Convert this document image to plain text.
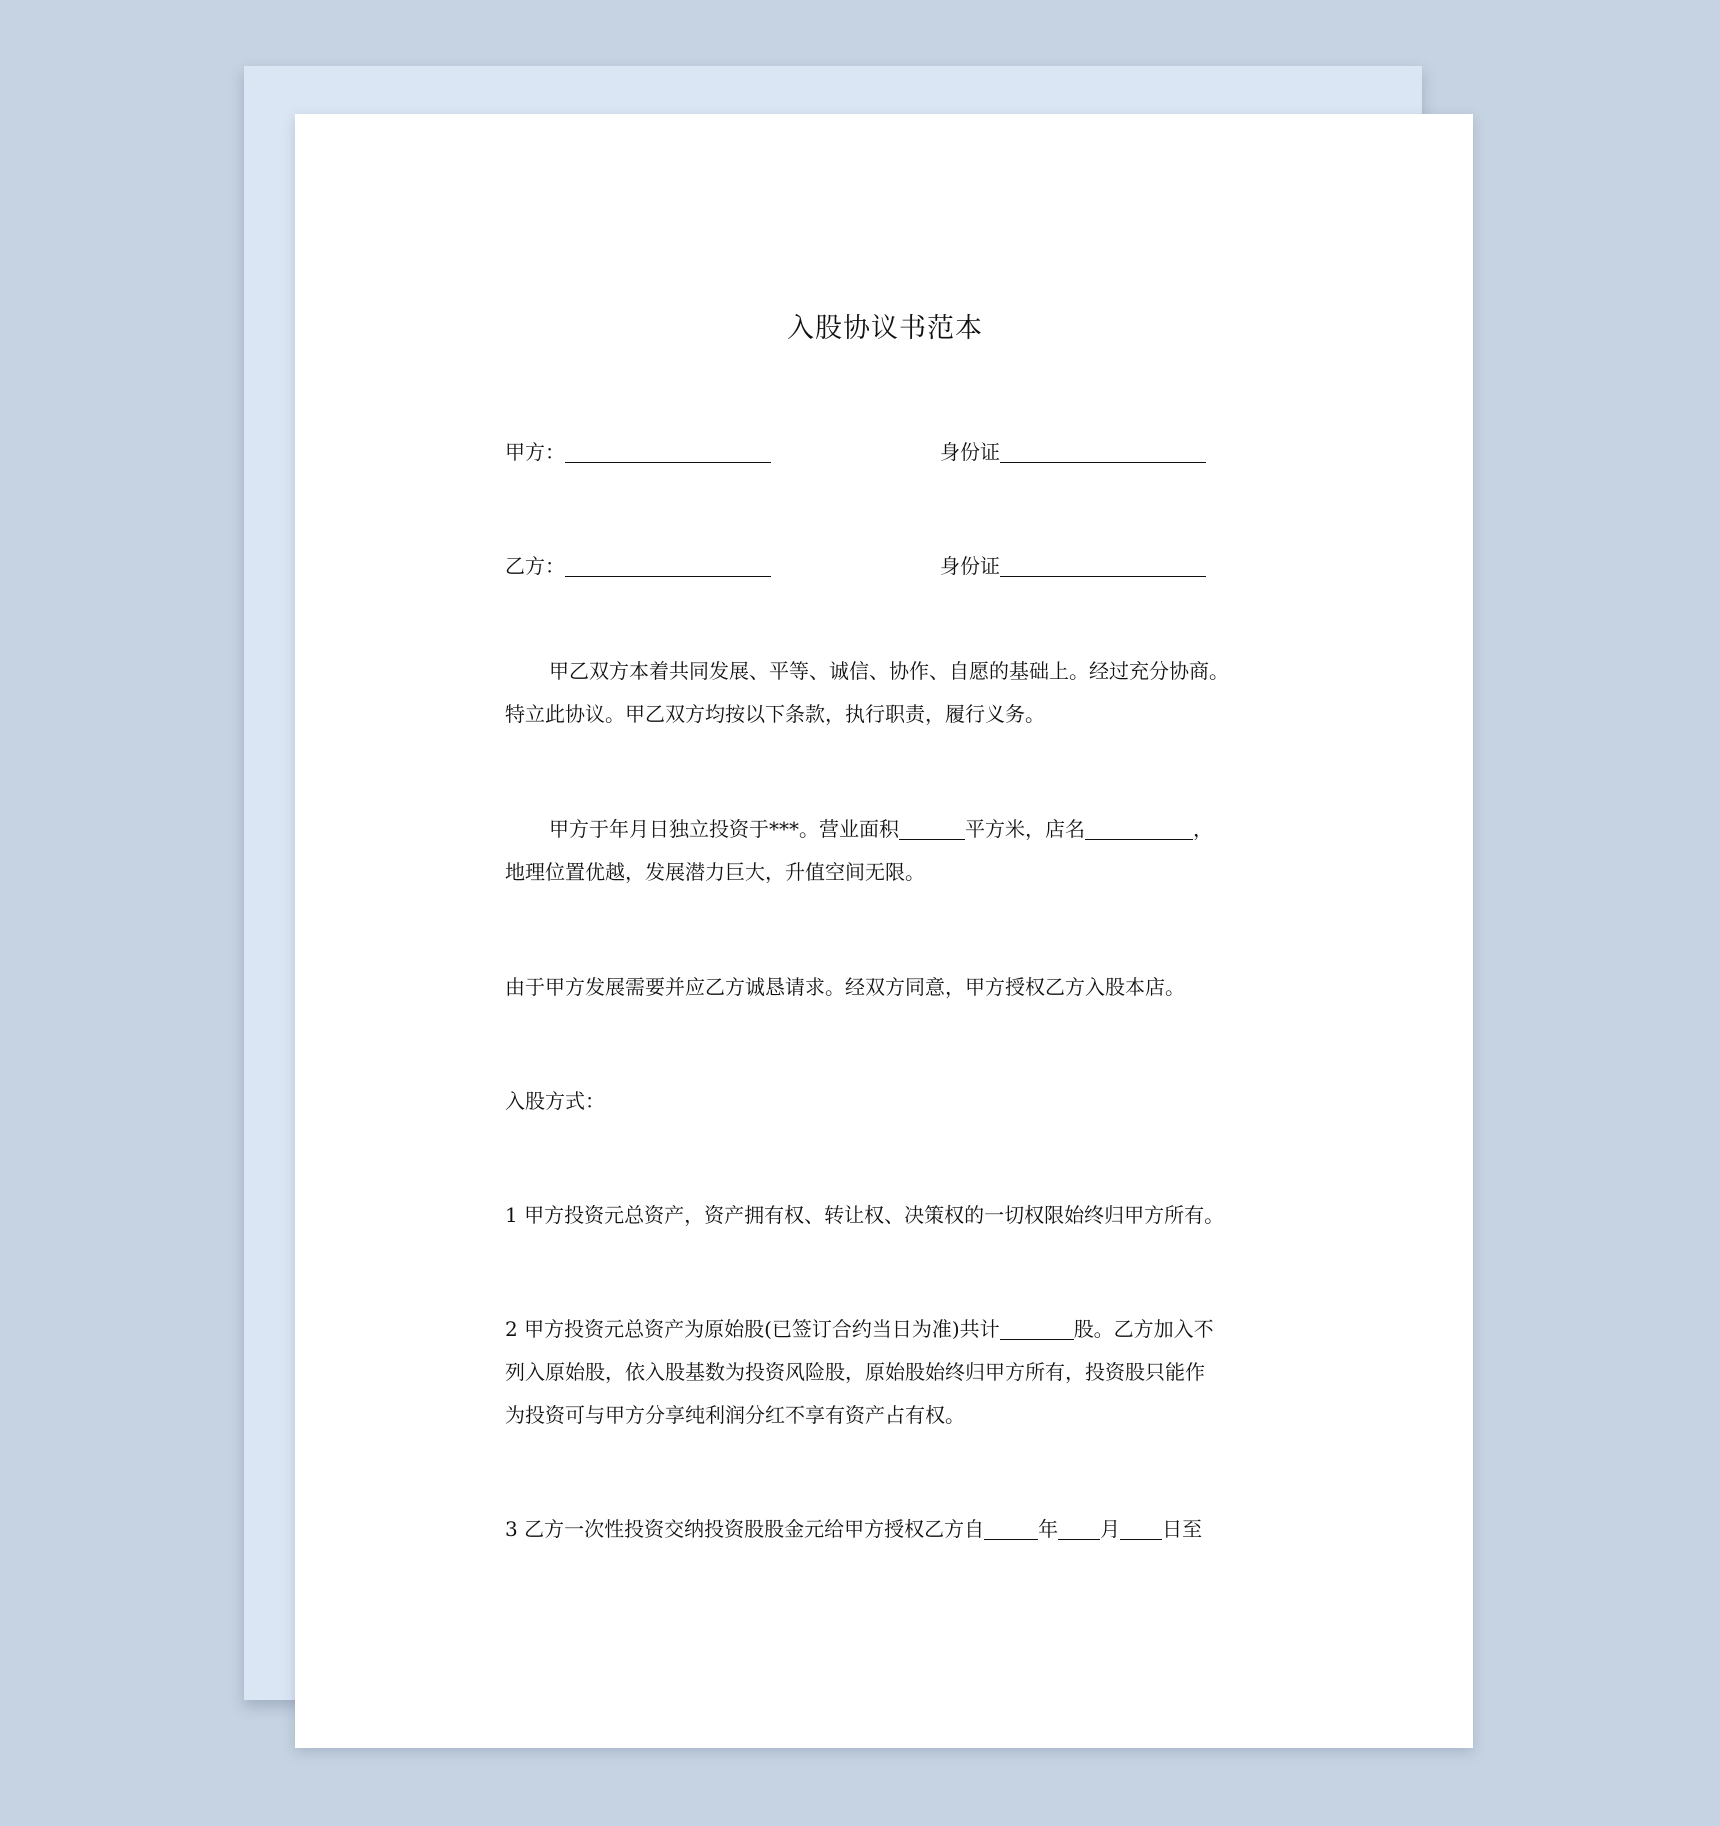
入股协议书范本
甲方：	身份证
乙方：	身份证
甲乙双方本着共同发展、平等、诚信、协作、自愿的基础上。经过充分协商。
特立此协议。甲乙双方均按以下条款，执行职责，履行义务。
甲方于年月日独立投资于***。营业面积	平方米，店名	，
地理位置优越，发展潜力巨大，升值空间无限。
由于甲方发展需要并应乙方诚恳请求。经双方同意，甲方授权乙方入股本店。
入股方式：
1 甲方投资元总资产，资产拥有权、转让权、决策权的一切权限始终归甲方所有。
2 甲方投资元总资产为原始股(已签订合约当日为准)共计	股。乙方加入不
列入原始股，依入股基数为投资风险股，原始股始终归甲方所有，投资股只能作
为投资可与甲方分享纯利润分红不享有资产占有权。
3 乙方一次性投资交纳投资股股金元给甲方授权乙方自	年 月 日至
